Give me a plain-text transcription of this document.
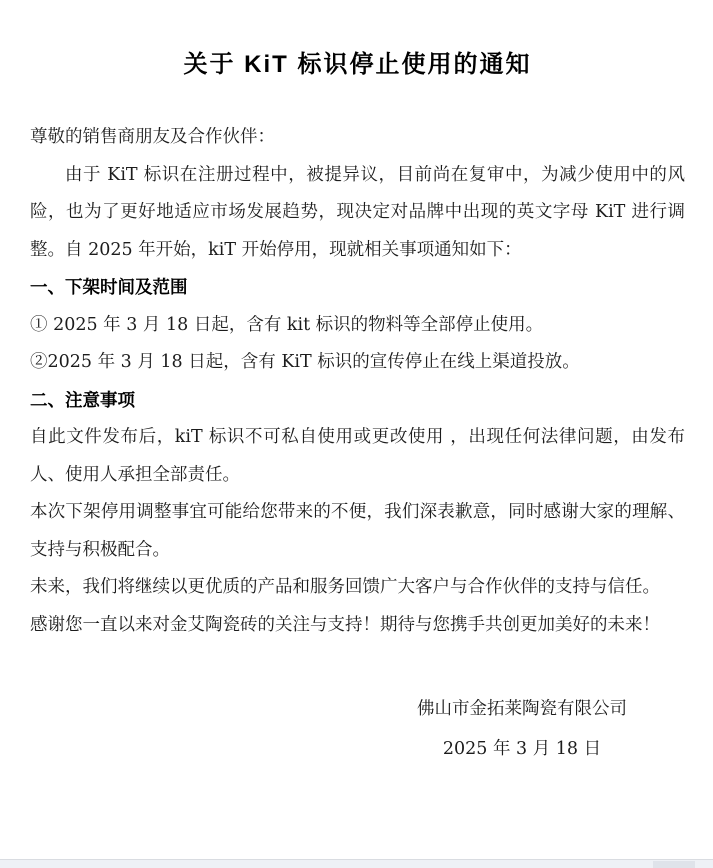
关于 KiT 标识停止使用的通知

尊敬的销售商朋友及合作伙伴：

由于 KiT 标识在注册过程中，被提异议，目前尚在复审中，为减少使用中的风险，也为了更好地适应市场发展趋势，现决定对品牌中出现的英文字母 KiT 进行调整。自 2025 年开始，kiT 开始停用，现就相关事项通知如下：

一、下架时间及范围

① 2025 年 3 月 18 日起，含有 kit 标识的物料等全部停止使用。

②2025 年 3 月 18 日起，含有 KiT 标识的宣传停止在线上渠道投放。

二、注意事项

自此文件发布后，kiT 标识不可私自使用或更改使用 ，出现任何法律问题，由发布人、使用人承担全部责任。

本次下架停用调整事宜可能给您带来的不便，我们深表歉意，同时感谢大家的理解、支持与积极配合。

未来，我们将继续以更优质的产品和服务回馈广大客户与合作伙伴的支持与信任。

感谢您一直以来对金艾陶瓷砖的关注与支持！期待与您携手共创更加美好的未来！

佛山市金拓莱陶瓷有限公司

2025 年 3 月 18 日
